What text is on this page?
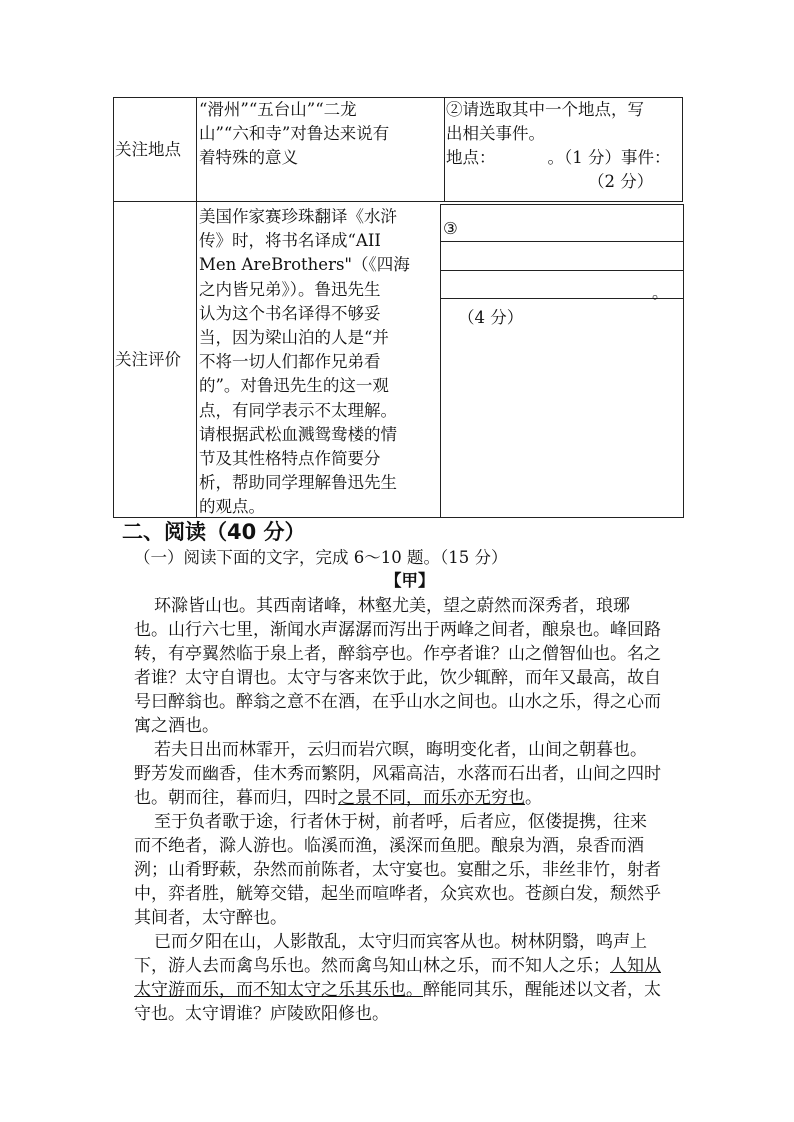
关注地点
“滑州”“五台山”“二龙
山”“六和寺”对鲁达来说有
着特殊的意义
②请选取其中一个地点，写
出相关事件。
地点：	。（1 分）事件：
（2 分）
关注评价
美国作家赛珍珠翻译《水浒
传》时，将书名译成“AII
Men AreBrothers"（《四海
之内皆兄弟》）。鲁迅先生
认为这个书名译得不够妥
当，因为梁山泊的人是“并
不将一切人们都作兄弟看
的”。对鲁迅先生的这一观
点，有同学表示不太理解。
请根据武松血溅鸳鸯楼的情
节及其性格特点作简要分
析，帮助同学理解鲁迅先生
的观点。
③
。
（4 分）
二、阅读（40 分）
（一）阅读下面的文字，完成 6～10 题。（15 分）
【甲】
环滁皆山也。其西南诸峰，林壑尤美，望之蔚然而深秀者，琅琊
也。山行六七里，渐闻水声潺潺而泻出于两峰之间者，酿泉也。峰回路
转，有亭翼然临于泉上者，醉翁亭也。作亭者谁？山之僧智仙也。名之
者谁？太守自谓也。太守与客来饮于此，饮少辄醉，而年又最高，故自
号曰醉翁也。醉翁之意不在酒，在乎山水之间也。山水之乐，得之心而
寓之酒也。
若夫日出而林霏开，云归而岩穴暝，晦明变化者，山间之朝暮也。
野芳发而幽香，佳木秀而繁阴，风霜高洁，水落而石出者，山间之四时
也。朝而往，暮而归，四时之景不同，而乐亦无穷也。
至于负者歌于途，行者休于树，前者呼，后者应，伛偻提携，往来
而不绝者，滁人游也。临溪而渔，溪深而鱼肥。酿泉为酒，泉香而酒
洌；山肴野蔌，杂然而前陈者，太守宴也。宴酣之乐，非丝非竹，射者
中，弈者胜，觥筹交错，起坐而喧哗者，众宾欢也。苍颜白发，颓然乎
其间者，太守醉也。
已而夕阳在山，人影散乱，太守归而宾客从也。树林阴翳，鸣声上
下，游人去而禽鸟乐也。然而禽鸟知山林之乐，而不知人之乐；人知从
太守游而乐，而不知太守之乐其乐也。醉能同其乐，醒能述以文者，太
守也。太守谓谁？庐陵欧阳修也。
